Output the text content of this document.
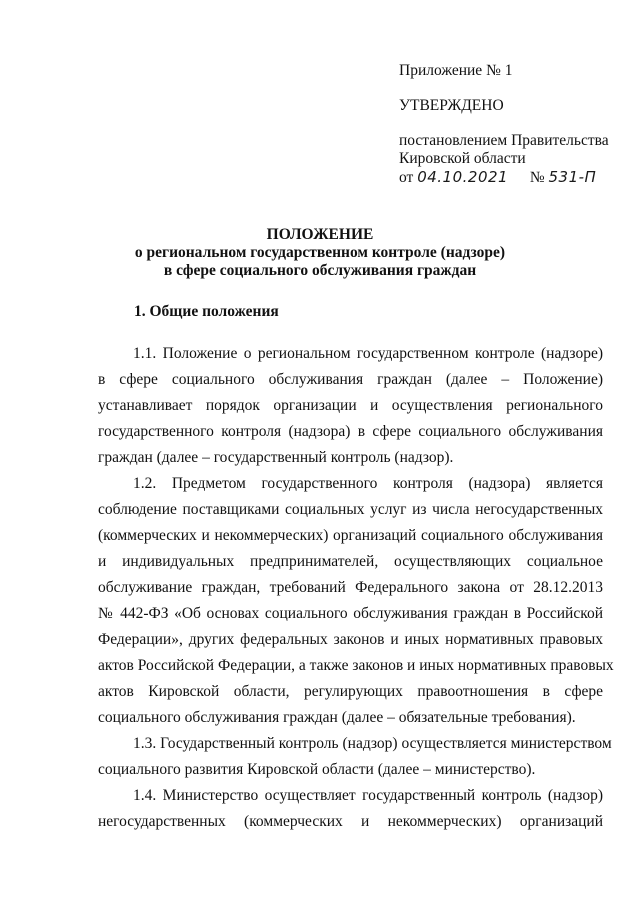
Приложение № 1
УТВЕРЖДЕНО
постановлением Правительства
Кировской области
от 04.10.2021 № 531-П
ПОЛОЖЕНИЕ
о региональном государственном контроле (надзоре)
в сфере социального обслуживания граждан
1. Общие положения
1.1. Положение о региональном государственном контроле (надзоре)
в сфере социального обслуживания граждан (далее – Положение)
устанавливает порядок организации и осуществления регионального
государственного контроля (надзора) в сфере социального обслуживания
граждан (далее – государственный контроль (надзор).
1.2. Предметом государственного контроля (надзора) является
соблюдение поставщиками социальных услуг из числа негосударственных
(коммерческих и некоммерческих) организаций социального обслуживания
и индивидуальных предпринимателей, осуществляющих социальное
обслуживание граждан, требований Федерального закона от 28.12.2013
№ 442-ФЗ «Об основах социального обслуживания граждан в Российской
Федерации», других федеральных законов и иных нормативных правовых
актов Российской Федерации, а также законов и иных нормативных правовых
актов Кировской области, регулирующих правоотношения в сфере
социального обслуживания граждан (далее – обязательные требования).
1.3. Государственный контроль (надзор) осуществляется министерством
социального развития Кировской области (далее – министерство).
1.4. Министерство осуществляет государственный контроль (надзор)
негосударственных (коммерческих и некоммерческих) организаций
